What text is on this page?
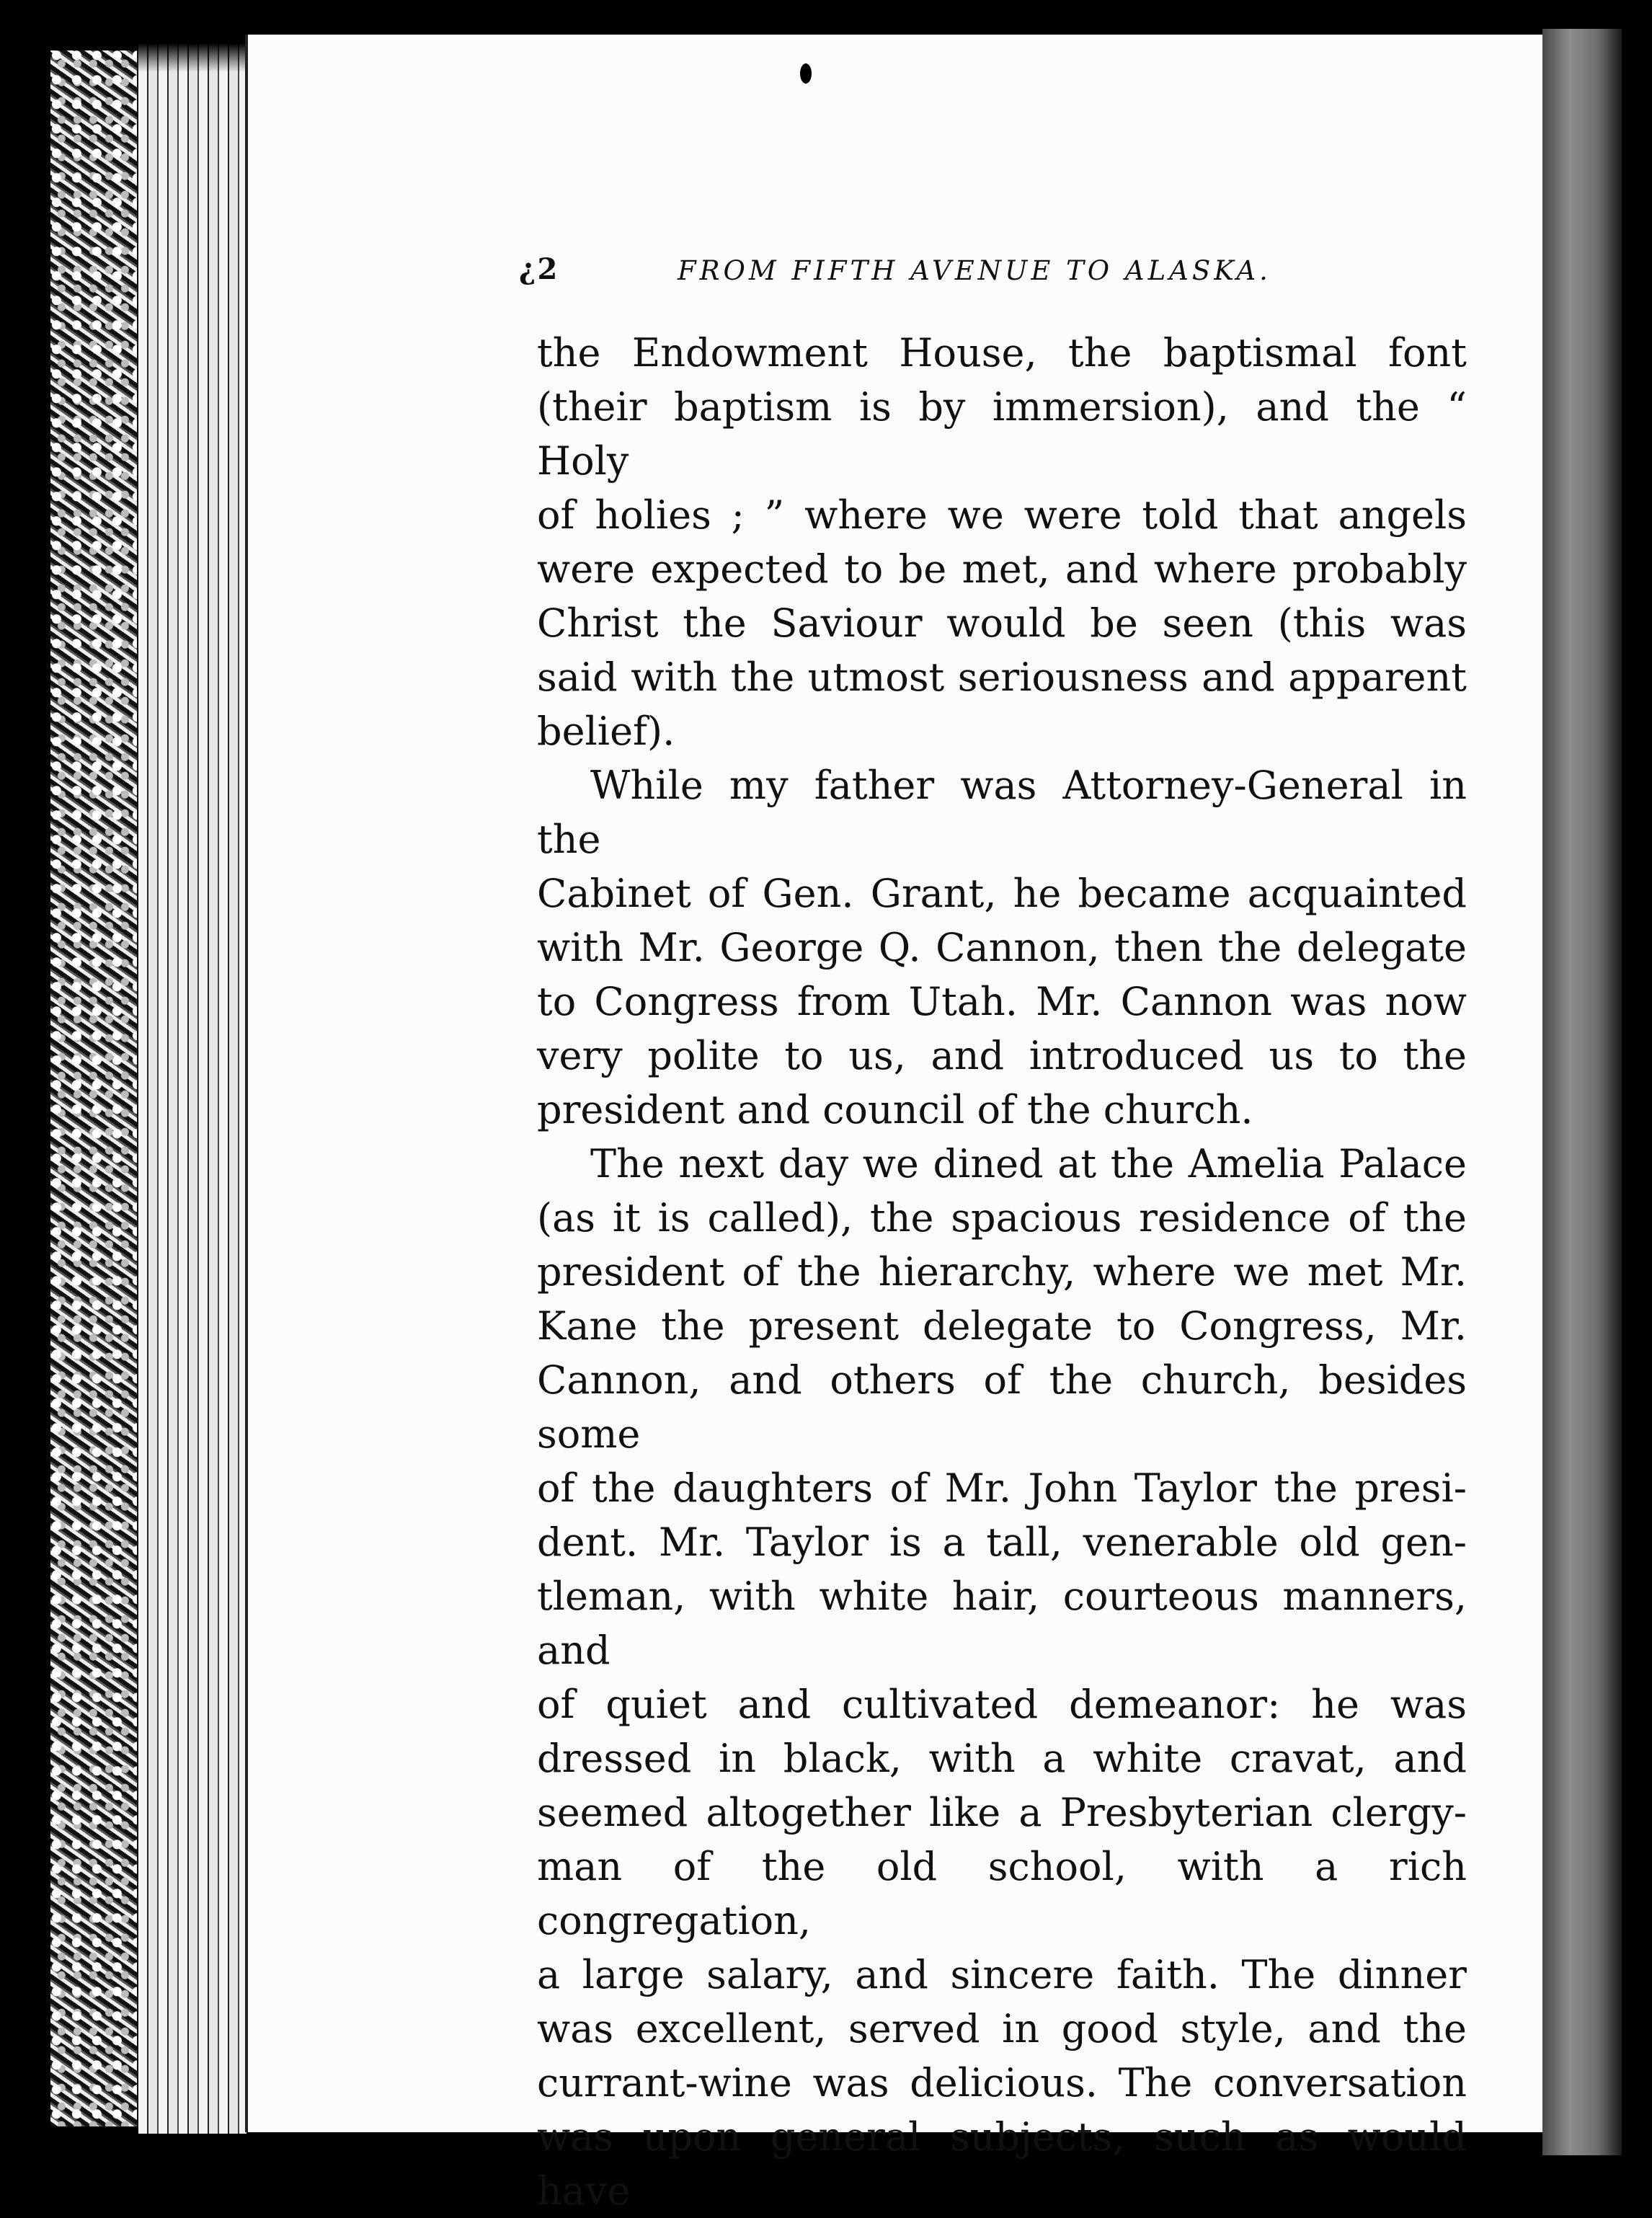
¿2	FROM FIFTH AVENUE TO ALASKA.

the Endowment House, the baptismal font

(their baptism is by immersion), and the “ Holy

of holies ; ” where we were told that angels

were expected to be met, and where probably

Christ the Saviour would be seen (this was

said with the utmost seriousness and apparent

belief).

While my father was Attorney-General in the

Cabinet of Gen. Grant, he became acquainted

with Mr. George Q. Cannon, then the delegate

to Congress from Utah. Mr. Cannon was now

very polite to us, and introduced us to the

president and council of the church.

The next day we dined at the Amelia Palace

(as it is called), the spacious residence of the

president of the hierarchy, where we met Mr.

Kane the present delegate to Congress, Mr.

Cannon, and others of the church, besides some

of the daughters of Mr. John Taylor the presi-

dent. Mr. Taylor is a tall, venerable old gen-

tleman, with white hair, courteous manners, and

of quiet and cultivated demeanor: he was

dressed in black, with a white cravat, and

seemed altogether like a Presbyterian clergy-

man of the old school, with a rich congregation,

a large salary, and sincere faith. The dinner

was excellent, served in good style, and the

currant-wine was delicious. The conversation

was upon general subjects, such as would have
